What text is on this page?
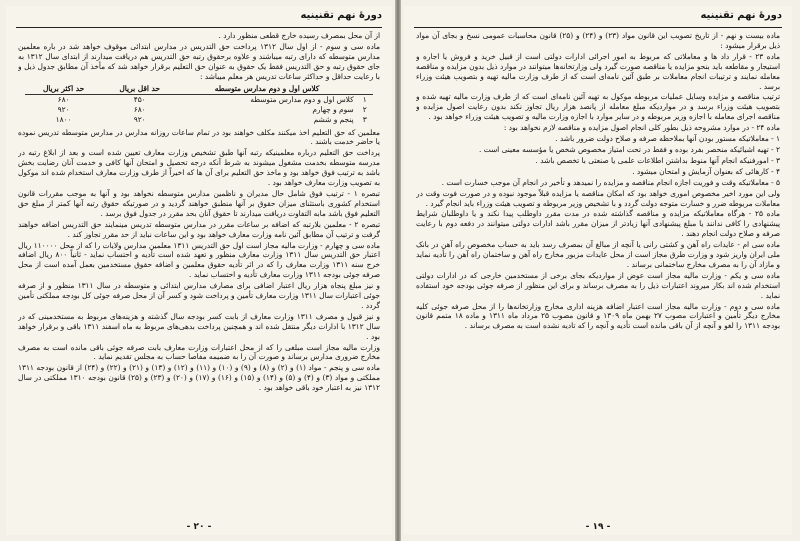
دورهٔ نهم تقنینیه

از آن محل بمصرف رسیده خارج قطعی منظور دارد .

ماده سی و سوم - از اول سال ۱۳۱۲ پرداخت حق التدریس در مدارس ابتدائی موقوف خواهد شد در باره معلمین مدارس متوسطه که دارای رتبه میباشند و علاوه برحقوق رتبه حق التدریس هم دریافت میدارند از ابتدای سال ۱۳۱۲ به جای حقوق رتبه و حق التدریس فقط یک حقوق به عنوان حق التعلیم برقرار خواهد شد که مأخذ آن مطابق جدول ذیل و با رعایت حداقل و حداکثر ساعات تدریس هر معلم میباشد :

	کلاس اول و دوم مدارس متوسطه	حد اقل بریال	حد اکثر بریال
۱	کلاس اول و دوم مدارس متوسطه	۴۵۰	۶۸۰
۲	سوم و چهارم	۶۸۰	۹۲۰
۳	پنجم و ششم	۹۲۰	۱۸۰۰

معلمین که حق التعلیم اخذ میکنند مکلف خواهند بود در تمام ساعات روزانه مدارس در مدارس متوسطه تدریس نموده یا حاضر خدمت باشند .

پرداخت حق التعلیم درباره معلمینیکه رتبه آنها طبق تشخیص وزارت معارف تعیین شده است و بعد از ابلاغ رتبه در مدرسه متوسطه بخدمت مشغول میشوند به شرط آنکه درجه تحصیل و امتحان آنها کافی و خدمت آنان رضایت بخش باشد به ترتیب فوق خواهد بود و ماخذ حق التعلیم برای آن ها که اخیراً از طرف وزارت معارف استخدام شده اند موکول به تصویب وزارت معارف خواهد بود .

تبصره ۱ - ترتیب فوق شامل حال مدیران و ناظمین مدارس متوسطه نخواهد بود و آنها به موجب مقررات قانون استخدام کشوری باستثنای میزان حقوق بر آنها منطبق خواهند گردید و در صورتیکه حقوق رتبه آنها کمتر از مبلغ حق التعلیم فوق باشد مابه التفاوت دریافت میدارند تا حقوق آنان بحد مقرر در جدول فوق برسد .

تبصره ۲ - معلمین بلارتبه که اضافه بر ساعات مقرر در مدارس متوسطه تدریس مینمایند حق التدریس اضافه خواهند گرفت و ترتیب آن مطابق آئین نامه وزارت معارف خواهد بود و این ساعات نباید از حد مقرر تجاوز کند .

ماده سی و چهارم - وزارت مالیه مجاز است اول حق التدریس ۱۳۱۱ معلمین مدارس ولایات را که از محل ۱۱۰۰۰۰ ریال اعتبار حق التدریس سال ۱۳۱۱ وزارت معارف منظور و تعهد شده است تأدیه و احتساب نماید - ثانیاً ۸۰۰ ریال اضافه خرج سنه ۱۳۱۱ وزارت معارف را که در اثر تأدیه حقوق معلمین و اضافه حقوق مستخدمین بعمل آمده است از محل صرفه جوئی بودجه ۱۳۱۱ وزارت معارف تأدیه و احتساب نماید .

و نیز مبلغ پنجاه هزار ریال اعتبار اضافی برای مصارف مدارس ابتدائی و متوسطه در سال ۱۳۱۱ منظور و از صرفه جوئی اعتبارات سال ۱۳۱۱ وزارت معارف تأمین و پرداخت شود و کسر آن از محل صرفه جوئی کل بودجه مملکتی تأمین گردد .

و نیز قبول و مصرف ۱۳۱۱ وزارت معارف از بابت کسر بودجه سال گذشته و هزینه‌های مربوط به مستخدمینی که در سال ۱۳۱۲ با ادارات دیگر منتقل شده اند و همچنین پرداخت بدهی‌های مربوط به ماه اسفند ۱۳۱۱ باقی و برقرار خواهد بود .

وزارت مالیه مجاز است مبلغی را که از محل اعتبارات وزارت معارف بابت صرفه جوئی باقی مانده است به مصرف مخارج ضروری مدارس برساند و صورت آن را به ضمیمه مفاصا حساب به مجلس تقدیم نماید .

ماده سی و پنجم - مواد (۱) و (۲) و (۸) و (۹) و (۱۰) و (۱۱) و (۱۲) و (۱۳) و (۲۱) و (۲۲) و (۲۴) از قانون بودجه ۱۳۱۱ مملکتی و مواد (۳) و (۴) و (۵) و (۱۴) و (۱۵) و (۱۶) و (۱۷) و (۲۰) و (۲۳) و (۲۵) قانون بودجه ۱۳۱۰ مملکتی در سال ۱۳۱۲ نیز به اعتبار خود باقی خواهد بود .

- ۲۰ -
دورهٔ نهم تقنینیه

ماده بیست و نهم - از تاریخ تصویب این قانون مواد (۲۳) و (۲۴) و (۲۵) قانون محاسبات عمومی نسخ و بجای آن مواد ذیل برقرار میشود :

ماده ۲۳ - قرار داد ها و معاملاتی که مربوط به امور اجرائی ادارات دولتی است از قبیل خرید و فروش یا اجاره و استیجار و مقاطعه باید بنحو مزایده یا مناقصه صورت گیرد ولی وزارتخانه‌ها میتوانند در موارد ذیل بدون مزایده و مناقصه معامله نمایند و ترتیبات انجام معاملات بر طبق آئین نامه‌ای است که از طرف وزارت مالیه تهیه و بتصویب هیئت وزراء برسد .

ترتیب مناقصه و مزایده وسایل عملیات مربوطه موکول به تهیه آئین نامه‌ای است که از طرف وزارت مالیه تهیه شده و بتصویب هیئت وزراء برسد و در مواردیکه مبلغ معامله از پانصد هزار ریال تجاوز نکند بدون رعایت اصول مزایده و مناقصه اجرای معامله با اجازه وزیر مربوطه و در سایر موارد با اجازه وزارت مالیه و تصویب هیئت وزراء خواهد بود .

ماده ۲۴ - در موارد مشروحه ذیل بطور کلی انجام اصول مزایده و مناقصه لازم نخواهد بود :

۱ - معاملاتیکه مستور بودن آنها بملاحظه صرفه و صلاح دولت ضرور باشد .

۲ - تهیه اشیائیکه منحصر بفرد بوده و فقط در تحت امتیاز مخصوص شخص یا مؤسسه معینی است .

۳ - امورفنیکه انجام آنها منوط بداشتن اطلاعات علمی یا صنعتی با تخصص باشد .

۴ - کارهائی که بعنوان آزمایش و امتحان میشود .

۵ - معاملاتیکه وقت و فوریت اجازه انجام مناقصه و مزایده را نمیدهد و تأخیر در انجام آن موجب خسارت است .

ولی این مورد اخیر مخصوص اموری خواهد بود که امکان مناقصه یا مزایده قبلاً موجود نبوده و در صورت فوت وقت در معاملات مربوطه ضرر و خسارت متوجه دولت گردد و با تشخیص وزیر مربوطه و تصویب هیئت وزراء باید انجام گیرد .

ماده ۲۵ - هرگاه معاملاتیکه مزایده و مناقصه گذاشته شده در مدت مقرر داوطلب پیدا نکند و یا داوطلبان شرایط پیشنهادی را کافی ندانند یا مبلغ پیشنهادی آنها زیادتر از میزان مقرر باشد ادارات دولتی میتوانند در دفعه دوم با رعایت صرفه و صلاح دولت انجام دهند .

ماده سی ام - عایدات راه آهن و کشتی رانی یا آنچه از مبالغ آن بمصرف رسد باید به حساب مخصوص راه آهن در بانک ملی ایران واریز شود و وزارت طرق مجاز است از محل عایدات مزبور مخارج راه آهن و ساختمان راه آهن را تأدیه نماید و مازاد آن را به مصرف مخارج ساختمانی برساند .

ماده سی و یکم - وزارت مالیه مجاز است عوض از مواردیکه بجای برخی از مستخدمین خارجی که در ادارات دولتی استخدام شده اند بکار میروند اعتبارات ذیل را به مصرف برساند و برای این منظور از صرفه جوئی بودجه خود استفاده نماید .

ماده سی و دوم - وزارت مالیه مجاز است اعتبار اضافه هزینه اداری مخارج وزارتخانه‌ها را از محل صرفه جوئی کلیه مخارج دیگر تأمین و اعتبارات مصوب ۲۷ بهمن ماه ۱۳۰۹ و قانون مصوب ۲۵ مرداد ماه ۱۳۱۱ و ماده ۱۸ متمم قانون بودجه ۱۳۱۱ را لغو و آنچه از آن باقی مانده است تأدیه و آنچه را که تادیه نشده است به مصرف برساند .

- ۱۹ -
